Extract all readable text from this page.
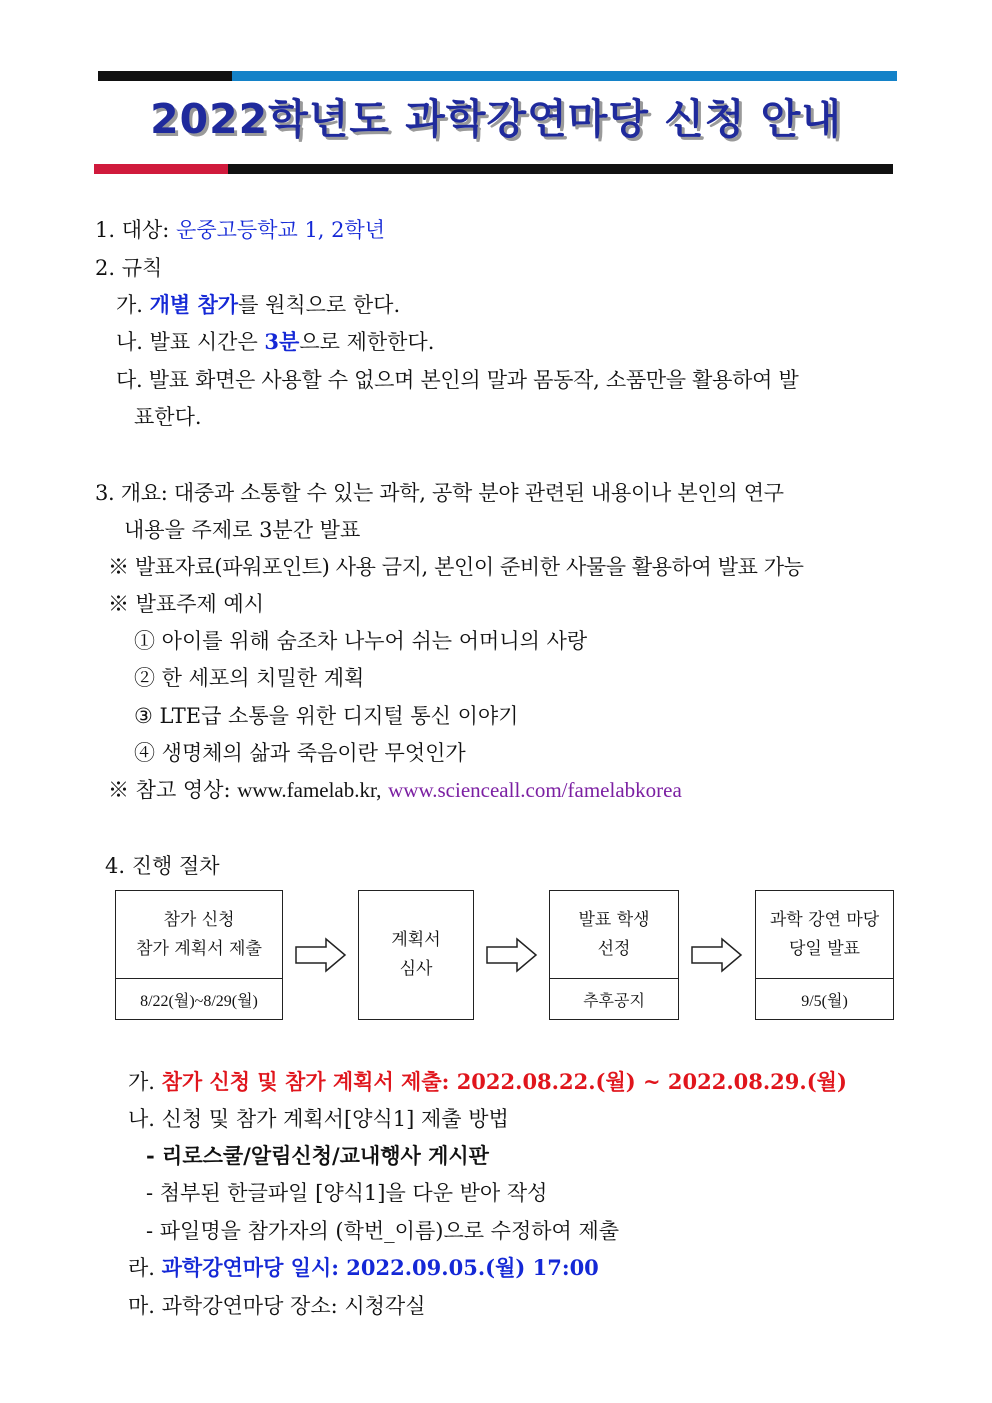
2022학년도 과학강연마당 신청 안내
1. 대상: 운중고등학교 1, 2학년
2. 규칙
가. 개별 참가를 원칙으로 한다.
나. 발표 시간은 3분으로 제한한다.
다. 발표 화면은 사용할 수 없으며 본인의 말과 몸동작, 소품만을 활용하여 발
표한다.
3. 개요: 대중과 소통할 수 있는 과학, 공학 분야 관련된 내용이나 본인의 연구
내용을 주제로 3분간 발표
※ 발표자료(파워포인트) 사용 금지, 본인이 준비한 사물을 활용하여 발표 가능
※ 발표주제 예시
① 아이를 위해 숨조차 나누어 쉬는 어머니의 사랑
② 한 세포의 치밀한 계획
③ LTE급 소통을 위한 디지털 통신 이야기
④ 생명체의 삶과 죽음이란 무엇인가
※ 참고 영상: www.famelab.kr, www.scienceall.com/famelabkorea
4. 진행 절차
참가 신청
참가 계획서 제출
8/22(월)~8/29(월)
계획서
심사
발표 학생
선정
추후공지
과학 강연 마당
당일 발표
9/5(월)
가. 참가 신청 및 참가 계획서 제출: 2022.08.22.(월) ~ 2022.08.29.(월)
나. 신청 및 참가 계획서[양식1] 제출 방법
- 리로스쿨/알림신청/교내행사 게시판
- 첨부된 한글파일 [양식1]을 다운 받아 작성
- 파일명을 참가자의 (학번_이름)으로 수정하여 제출
라. 과학강연마당 일시: 2022.09.05.(월) 17:00
마. 과학강연마당 장소: 시청각실
